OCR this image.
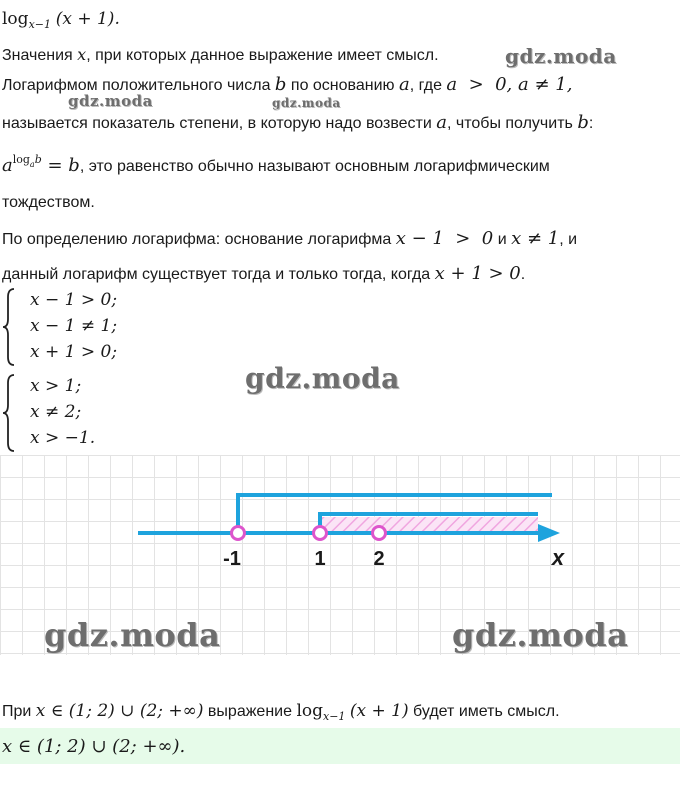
$\log_{x-1} (x + 1)$.
Значения x, при которых данное выражение имеет смысл.
Логарифмом положительного числа b по основанию a, где a  >  0, a ≠ 1,
называется показатель степени, в которую надо возвести a, чтобы получить b:
$a^{log_ab} = b$, это равенство обычно называют основным логарифмическим
тождеством.
По определению логарифма: основание логарифма x − 1  >  0 и x ≠ 1, и
данный логарифм существует тогда и только тогда, когда x + 1 > 0.
x − 1 > 0;
x − 1 ≠ 1;
x + 1 > 0;
x > 1;
x ≠ 2;
x > −1.
-1	1 2	x
gdz.moda
gdz.moda	gdz.moda
gdz.moda
gdz.moda	gdz.moda
При x ∈ (1; 2) ∪ (2; +∞) выражение $\log_{x-1} (x + 1)$ будет иметь смысл.
x ∈ (1; 2) ∪ (2; +∞).
